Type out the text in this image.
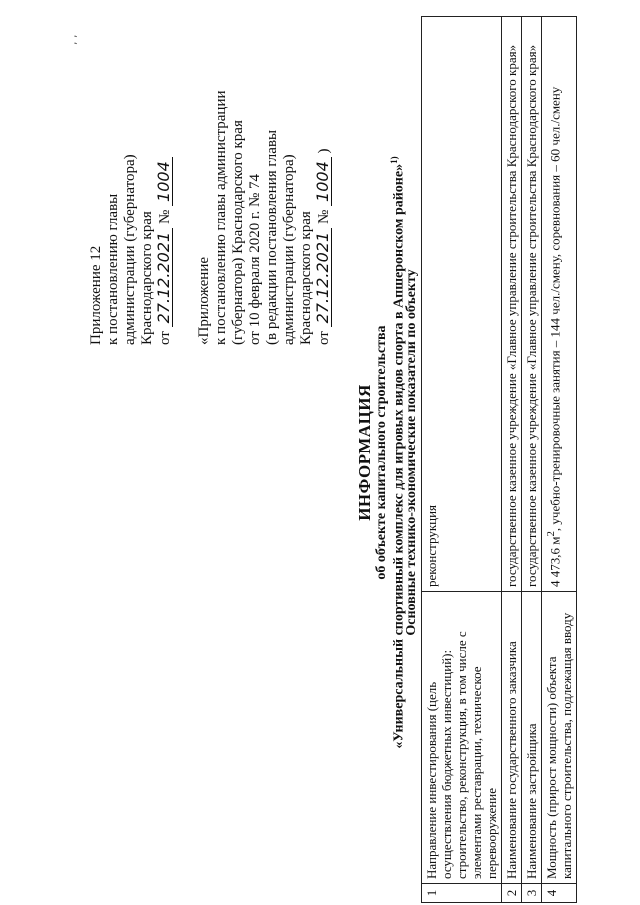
Приложение 12 к постановлению главы администрации (губернатора) Краснодарского края от 27.12.2021 № 1004
«Приложение к постановлению главы администрации (губернатора) Краснодарского края от 10 февраля 2020 г. № 74 (в редакции постановления главы администрации (губернатора) Краснодарского края от 27.12.2021 № 1004 )
, ,
ИНФОРМАЦИЯ об объекте капитального строительства «Универсальный спортивный комплекс для игровых видов спорта в Апшеронском районе»$^{1)}$
Основные технико-экономические показатели по объекту
1	Направление инвестирования (цель осуществления бюджетных инвестиций): строительство, реконструкция, в том числе с элементами реставрации, техническое перевооружение	реконструкция
2	Наименование государственного заказчика	государственное казенное учреждение «Главное управление строительства Краснодарского края»
3	Наименование застройщика	государственное казенное учреждение «Главное управление строительства Краснодарского края»
4	Мощность (прирост мощности) объекта капитального строительства, подлежащая вводу	4 473,6 $м^2$, учебно-тренировочные занятия – 144 чел./смену, соревнования – 60 чел./смену
